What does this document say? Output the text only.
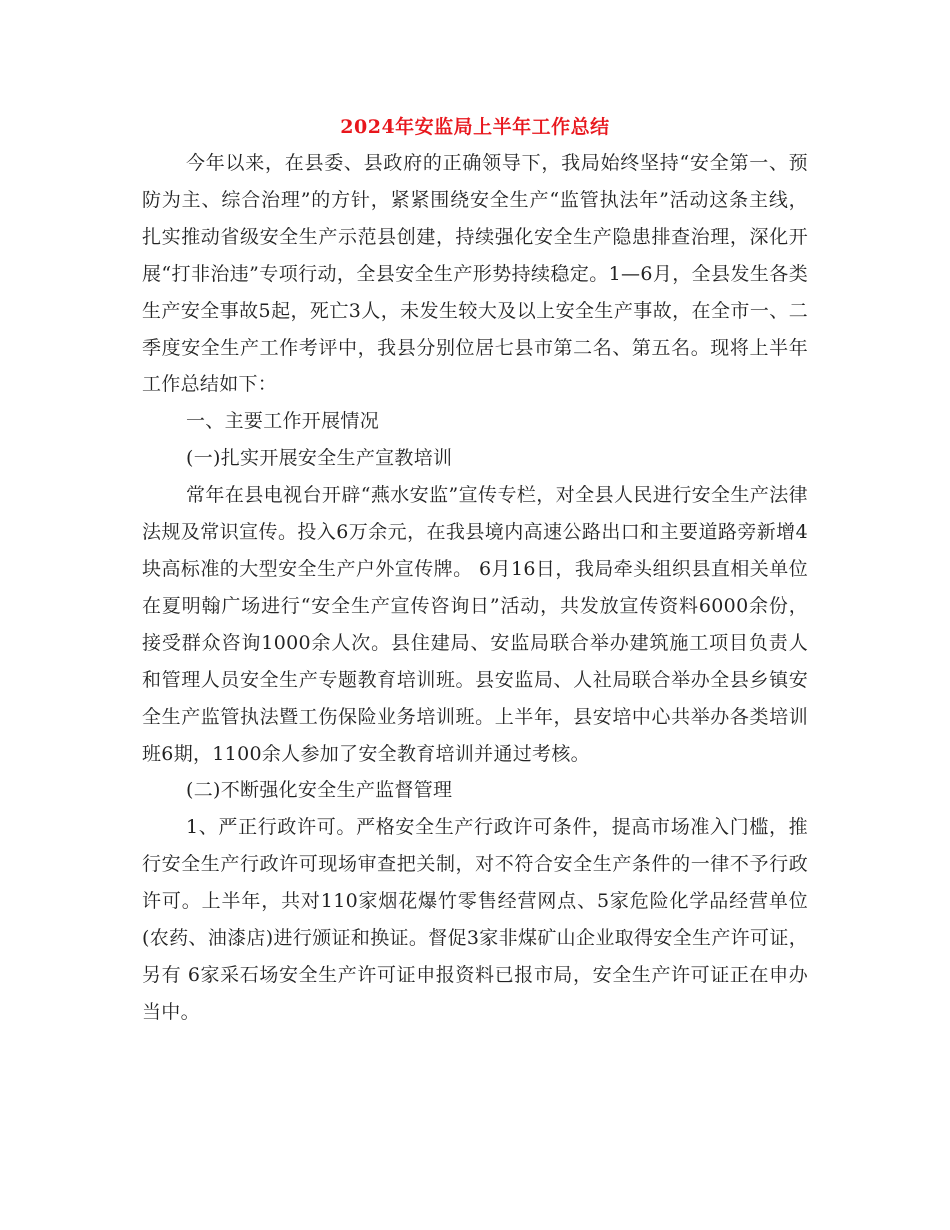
2024年安监局上半年工作总结

今年以来，在县委、县政府的正确领导下，我局始终坚持“安全第一、预防为主、综合治理”的方针，紧紧围绕安全生产“监管执法年”活动这条主线，扎实推动省级安全生产示范县创建，持续强化安全生产隐患排查治理，深化开展“打非治违”专项行动，全县安全生产形势持续稳定。1—6月，全县发生各类生产安全事故5起，死亡3人，未发生较大及以上安全生产事故，在全市一、二季度安全生产工作考评中，我县分别位居七县市第二名、第五名。现将上半年工作总结如下：

一、主要工作开展情况

(一)扎实开展安全生产宣教培训

常年在县电视台开辟“燕水安监”宣传专栏，对全县人民进行安全生产法律法规及常识宣传。投入6万余元，在我县境内高速公路出口和主要道路旁新增4块高标准的大型安全生产户外宣传牌。 6月16日，我局牵头组织县直相关单位在夏明翰广场进行“安全生产宣传咨询日”活动，共发放宣传资料6000余份，接受群众咨询1000余人次。县住建局、安监局联合举办建筑施工项目负责人和管理人员安全生产专题教育培训班。县安监局、人社局联合举办全县乡镇安全生产监管执法暨工伤保险业务培训班。上半年，县安培中心共举办各类培训班6期，1100余人参加了安全教育培训并通过考核。

(二)不断强化安全生产监督管理

1、严正行政许可。严格安全生产行政许可条件，提高市场准入门槛，推行安全生产行政许可现场审查把关制，对不符合安全生产条件的一律不予行政许可。上半年，共对110家烟花爆竹零售经营网点、5家危险化学品经营单位(农药、油漆店)进行颁证和换证。督促3家非煤矿山企业取得安全生产许可证，另有 6家采石场安全生产许可证申报资料已报市局，安全生产许可证正在申办当中。
